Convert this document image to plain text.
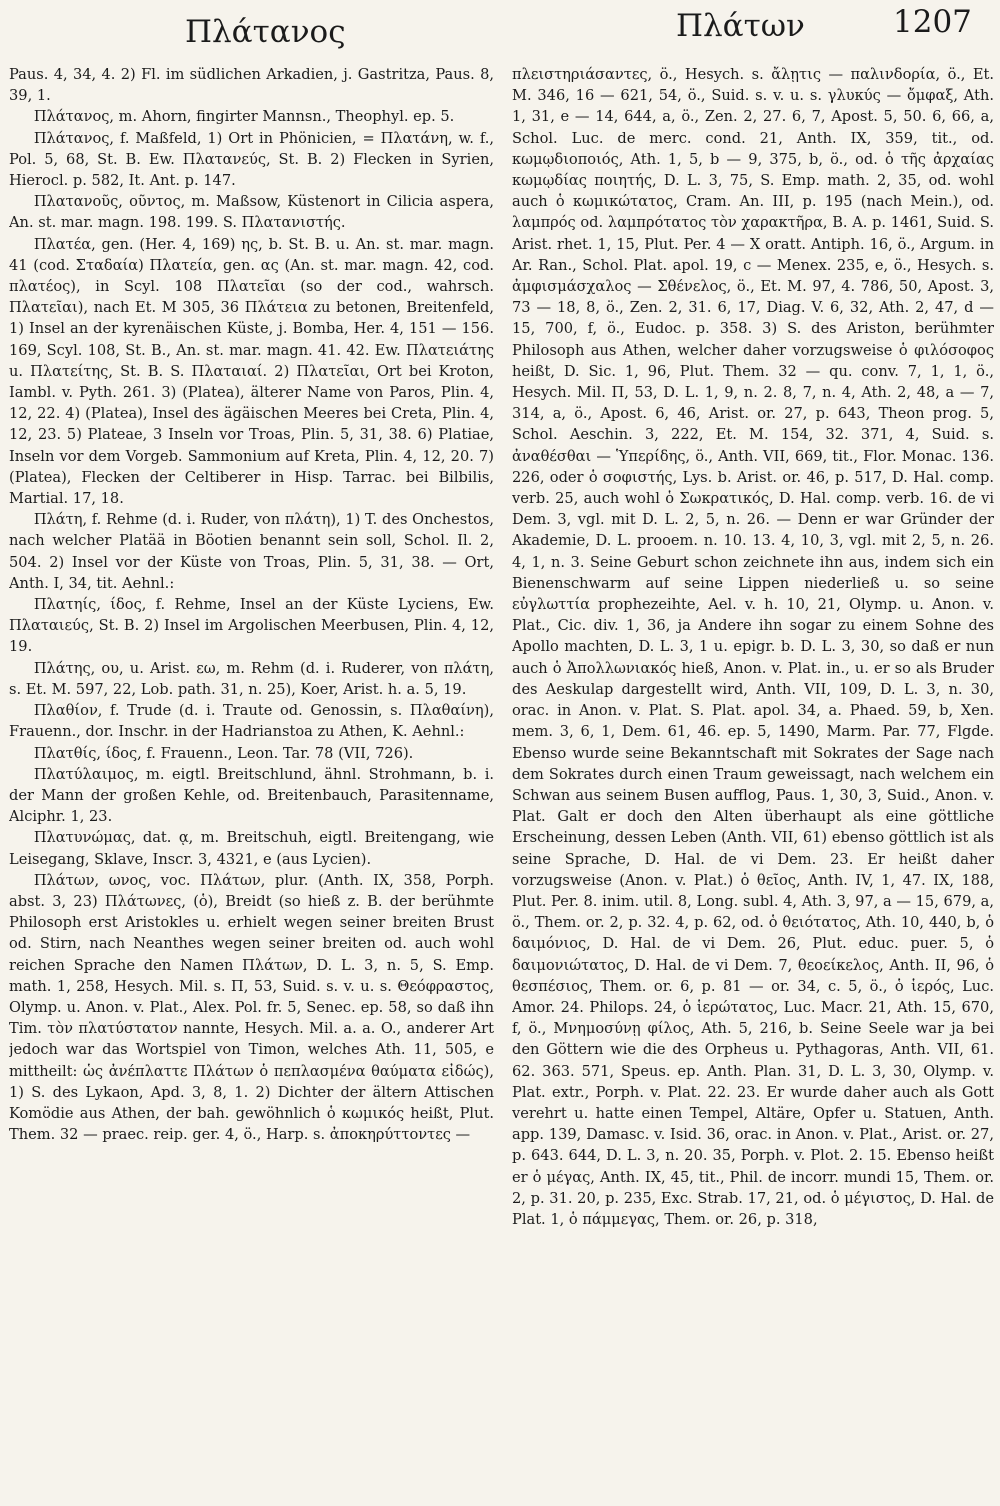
Πλάτανος	Πλάτων	1207

Paus. 4, 34, 4. 2) Fl. im südlichen Arkadien, j. Gastritza, Paus. 8, 39, 1.

Πλάτανος, m. Ahorn, fingirter Mannsn., Theophyl. ep. 5.

Πλάτανος, f. Maßfeld, 1) Ort in Phönicien, = Πλατάνη, w. f., Pol. 5, 68, St. B. Ew. Πλατανεύς, St. B. 2) Flecken in Syrien, Hierocl. p. 582, It. Ant. p. 147.

Πλατανοῦς, οῦντος, m. Maßsow, Küstenort in Cilicia aspera, An. st. mar. magn. 198. 199. S. Πλατανιστής.

Πλατέα, gen. (Her. 4, 169) ης, b. St. B. u. An. st. mar. magn. 41 (cod. Σταδαία) Πλατεία, gen. ας (An. st. mar. magn. 42, cod. πλατέος), in Scyl. 108 Πλατεῖαι (so der cod., wahrsch. Πλατεῖαι), nach Et. M 305, 36 Πλάτεια zu betonen, Breitenfeld, 1) Insel an der kyrenäischen Küste, j. Bomba, Her. 4, 151 — 156. 169, Scyl. 108, St. B., An. st. mar. magn. 41. 42. Ew. Πλατειάτης u. Πλατείτης, St. B. S. Πλαταιαί. 2) Πλατεῖαι, Ort bei Kroton, Iambl. v. Pyth. 261. 3) (Platea), älterer Name von Paros, Plin. 4, 12, 22. 4) (Platea), Insel des ägäischen Meeres bei Creta, Plin. 4, 12, 23. 5) Plateae, 3 Inseln vor Troas, Plin. 5, 31, 38. 6) Platiae, Inseln vor dem Vorgeb. Sammonium auf Kreta, Plin. 4, 12, 20. 7) (Platea), Flecken der Celtiberer in Hisp. Tarrac. bei Bilbilis, Martial. 17, 18.

Πλάτη, f. Rehme (d. i. Ruder, von πλάτη), 1) T. des Onchestos, nach welcher Platää in Böotien benannt sein soll, Schol. Il. 2, 504. 2) Insel vor der Küste von Troas, Plin. 5, 31, 38. — Ort, Anth. I, 34, tit. Aehnl.:

Πλατηίς, ίδος, f. Rehme, Insel an der Küste Lyciens, Ew. Πλαταιεύς, St. B. 2) Insel im Argolischen Meerbusen, Plin. 4, 12, 19.

Πλάτης, ου, u. Arist. εω, m. Rehm (d. i. Ruderer, von πλάτη, s. Et. M. 597, 22, Lob. path. 31, n. 25), Koer, Arist. h. a. 5, 19.

Πλαθίον, f. Trude (d. i. Traute od. Genossin, s. Πλαθαίνη), Frauenn., dor. Inschr. in der Hadrianstoa zu Athen, K. Aehnl.:

Πλατθίς, ίδος, f. Frauenn., Leon. Tar. 78 (VII, 726).

Πλατύλαιμος, m. eigtl. Breitschlund, ähnl. Strohmann, b. i. der Mann der großen Kehle, od. Breitenbauch, Parasitenname, Alciphr. 1, 23.

Πλατυνώμας, dat. ᾳ, m. Breitschuh, eigtl. Breitengang, wie Leisegang, Sklave, Inscr. 3, 4321, e (aus Lycien).

Πλάτων, ωνος, voc. Πλάτων, plur. (Anth. IX, 358, Porph. abst. 3, 23) Πλάτωνες, (ὁ), Breidt (so hieß z. B. der berühmte Philosoph erst Aristokles u. erhielt wegen seiner breiten Brust od. Stirn, nach Neanthes wegen seiner breiten od. auch wohl reichen Sprache den Namen Πλάτων, D. L. 3, n. 5, S. Emp. math. 1, 258, Hesych. Mil. s. Π, 53, Suid. s. v. u. s. Θεόφραστος, Olymp. u. Anon. v. Plat., Alex. Pol. fr. 5, Senec. ep. 58, so daß ihn Tim. τὸν πλατύστατον nannte, Hesych. Mil. a. a. O., anderer Art jedoch war das Wortspiel von Timon, welches Ath. 11, 505, e mittheilt: ὡς ἀνέπλαττε Πλάτων ὁ πεπλασμένα θαύματα εἰδώς), 1) S. des Lykaon, Apd. 3, 8, 1. 2) Dichter der ältern Attischen Komödie aus Athen, der bah. gewöhnlich ὁ κωμικός heißt, Plut. Them. 32 — praec. reip. ger. 4, ö., Harp. s. ἀποκηρύττοντες —

πλειστηριάσαντες, ö., Hesych. s. ἄλῃτις — παλινδορία, ö., Et. M. 346, 16 — 621, 54, ö., Suid. s. v. u. s. γλυκύς — ὄμφαξ, Ath. 1, 31, e — 14, 644, a, ö., Zen. 2, 27. 6, 7, Apost. 5, 50. 6, 66, a, Schol. Luc. de merc. cond. 21, Anth. IX, 359, tit., od. κωμῳδιοποιός, Ath. 1, 5, b — 9, 375, b, ö., od. ὁ τῆς ἀρχαίας κωμῳδίας ποιητής, D. L. 3, 75, S. Emp. math. 2, 35, od. wohl auch ὁ κωμικώτατος, Cram. An. III, p. 195 (nach Mein.), od. λαμπρός od. λαμπρότατος τὸν χαρακτῆρα, B. A. p. 1461, Suid. S. Arist. rhet. 1, 15, Plut. Per. 4 — X oratt. Antiph. 16, ö., Argum. in Ar. Ran., Schol. Plat. apol. 19, c — Menex. 235, e, ö., Hesych. s. ἀμφισμάσχαλος — Σθένελος, ö., Et. M. 97, 4. 786, 50, Apost. 3, 73 — 18, 8, ö., Zen. 2, 31. 6, 17, Diag. V. 6, 32, Ath. 2, 47, d — 15, 700, f, ö., Eudoc. p. 358. 3) S. des Ariston, berühmter Philosoph aus Athen, welcher daher vorzugsweise ὁ φιλόσοφος heißt, D. Sic. 1, 96, Plut. Them. 32 — qu. conv. 7, 1, 1, ö., Hesych. Mil. Π, 53, D. L. 1, 9, n. 2. 8, 7, n. 4, Ath. 2, 48, a — 7, 314, a, ö., Apost. 6, 46, Arist. or. 27, p. 643, Theon prog. 5, Schol. Aeschin. 3, 222, Et. M. 154, 32. 371, 4, Suid. s. ἀναθέσθαι — Ὑπερίδης, ö., Anth. VII, 669, tit., Flor. Monac. 136. 226, oder ὁ σοφιστής, Lys. b. Arist. or. 46, p. 517, D. Hal. comp. verb. 25, auch wohl ὁ Σωκρατικός, D. Hal. comp. verb. 16. de vi Dem. 3, vgl. mit D. L. 2, 5, n. 26. — Denn er war Gründer der Akademie, D. L. prooem. n. 10. 13. 4, 10, 3, vgl. mit 2, 5, n. 26. 4, 1, n. 3. Seine Geburt schon zeichnete ihn aus, indem sich ein Bienenschwarm auf seine Lippen niederließ u. so seine εὐγλωττία prophezeihte, Ael. v. h. 10, 21, Olymp. u. Anon. v. Plat., Cic. div. 1, 36, ja Andere ihn sogar zu einem Sohne des Apollo machten, D. L. 3, 1 u. epigr. b. D. L. 3, 30, so daß er nun auch ὁ Ἀπολλωνιακός hieß, Anon. v. Plat. in., u. er so als Bruder des Aeskulap dargestellt wird, Anth. VII, 109, D. L. 3, n. 30, orac. in Anon. v. Plat. S. Plat. apol. 34, a. Phaed. 59, b, Xen. mem. 3, 6, 1, Dem. 61, 46. ep. 5, 1490, Marm. Par. 77, Flgde. Ebenso wurde seine Bekanntschaft mit Sokrates der Sage nach dem Sokrates durch einen Traum geweissagt, nach welchem ein Schwan aus seinem Busen aufflog, Paus. 1, 30, 3, Suid., Anon. v. Plat. Galt er doch den Alten überhaupt als eine göttliche Erscheinung, dessen Leben (Anth. VII, 61) ebenso göttlich ist als seine Sprache, D. Hal. de vi Dem. 23. Er heißt daher vorzugsweise (Anon. v. Plat.) ὁ θεῖος, Anth. IV, 1, 47. IX, 188, Plut. Per. 8. inim. util. 8, Long. subl. 4, Ath. 3, 97, a — 15, 679, a, ö., Them. or. 2, p. 32. 4, p. 62, od. ὁ θειότατος, Ath. 10, 440, b, ὁ δαιμόνιος, D. Hal. de vi Dem. 26, Plut. educ. puer. 5, ὁ δαιμονιώτατος, D. Hal. de vi Dem. 7, θεοείκελος, Anth. II, 96, ὁ θεσπέσιος, Them. or. 6, p. 81 — or. 34, c. 5, ö., ὁ ἱερός, Luc. Amor. 24. Philops. 24, ὁ ἱερώτατος, Luc. Macr. 21, Ath. 15, 670, f, ö., Μνημοσύνῃ φίλος, Ath. 5, 216, b. Seine Seele war ja bei den Göttern wie die des Orpheus u. Pythagoras, Anth. VII, 61. 62. 363. 571, Speus. ep. Anth. Plan. 31, D. L. 3, 30, Olymp. v. Plat. extr., Porph. v. Plat. 22. 23. Er wurde daher auch als Gott verehrt u. hatte einen Tempel, Altäre, Opfer u. Statuen, Anth. app. 139, Damasc. v. Isid. 36, orac. in Anon. v. Plat., Arist. or. 27, p. 643. 644, D. L. 3, n. 20. 35, Porph. v. Plot. 2. 15. Ebenso heißt er ὁ μέγας, Anth. IX, 45, tit., Phil. de incorr. mundi 15, Them. or. 2, p. 31. 20, p. 235, Exc. Strab. 17, 21, od. ὁ μέγιστος, D. Hal. de Plat. 1, ὁ πάμμεγας, Them. or. 26, p. 318,
